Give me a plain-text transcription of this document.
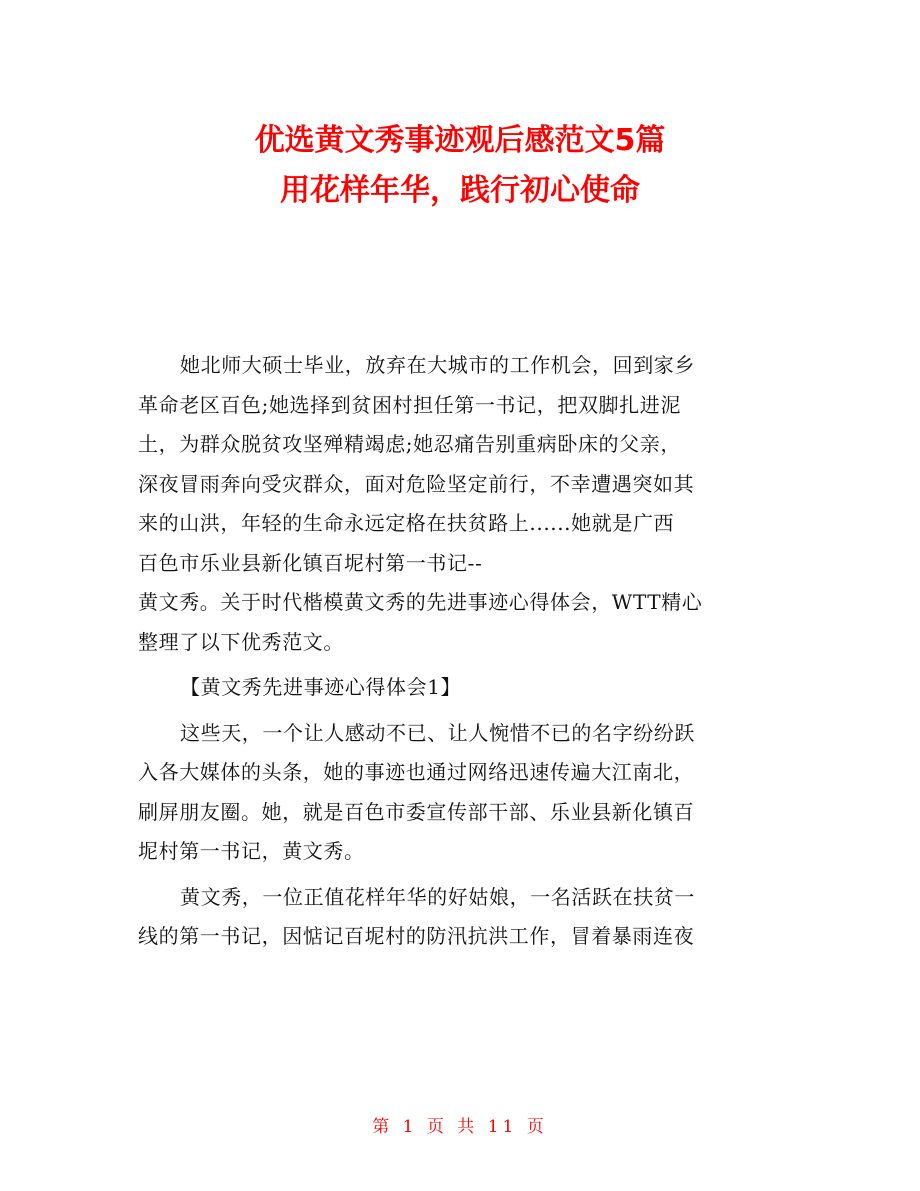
优选黄文秀事迹观后感范文5篇

用花样年华，践行初心使命

她北师大硕士毕业，放弃在大城市的工作机会，回到家乡

革命老区百色;她选择到贫困村担任第一书记，把双脚扎进泥

土，为群众脱贫攻坚殚精竭虑;她忍痛告别重病卧床的父亲，

深夜冒雨奔向受灾群众，面对危险坚定前行，不幸遭遇突如其

来的山洪，年轻的生命永远定格在扶贫路上......她就是广西

百色市乐业县新化镇百坭村第一书记--

黄文秀。关于时代楷模黄文秀的先进事迹心得体会，WTT精心

整理了以下优秀范文。

【黄文秀先进事迹心得体会1】

这些天，一个让人感动不已、让人惋惜不已的名字纷纷跃

入各大媒体的头条，她的事迹也通过网络迅速传遍大江南北，

刷屏朋友圈。她，就是百色市委宣传部干部、乐业县新化镇百

坭村第一书记，黄文秀。

黄文秀，一位正值花样年华的好姑娘，一名活跃在扶贫一

线的第一书记，因惦记百坭村的防汛抗洪工作，冒着暴雨连夜

第 1 页 共 11 页
